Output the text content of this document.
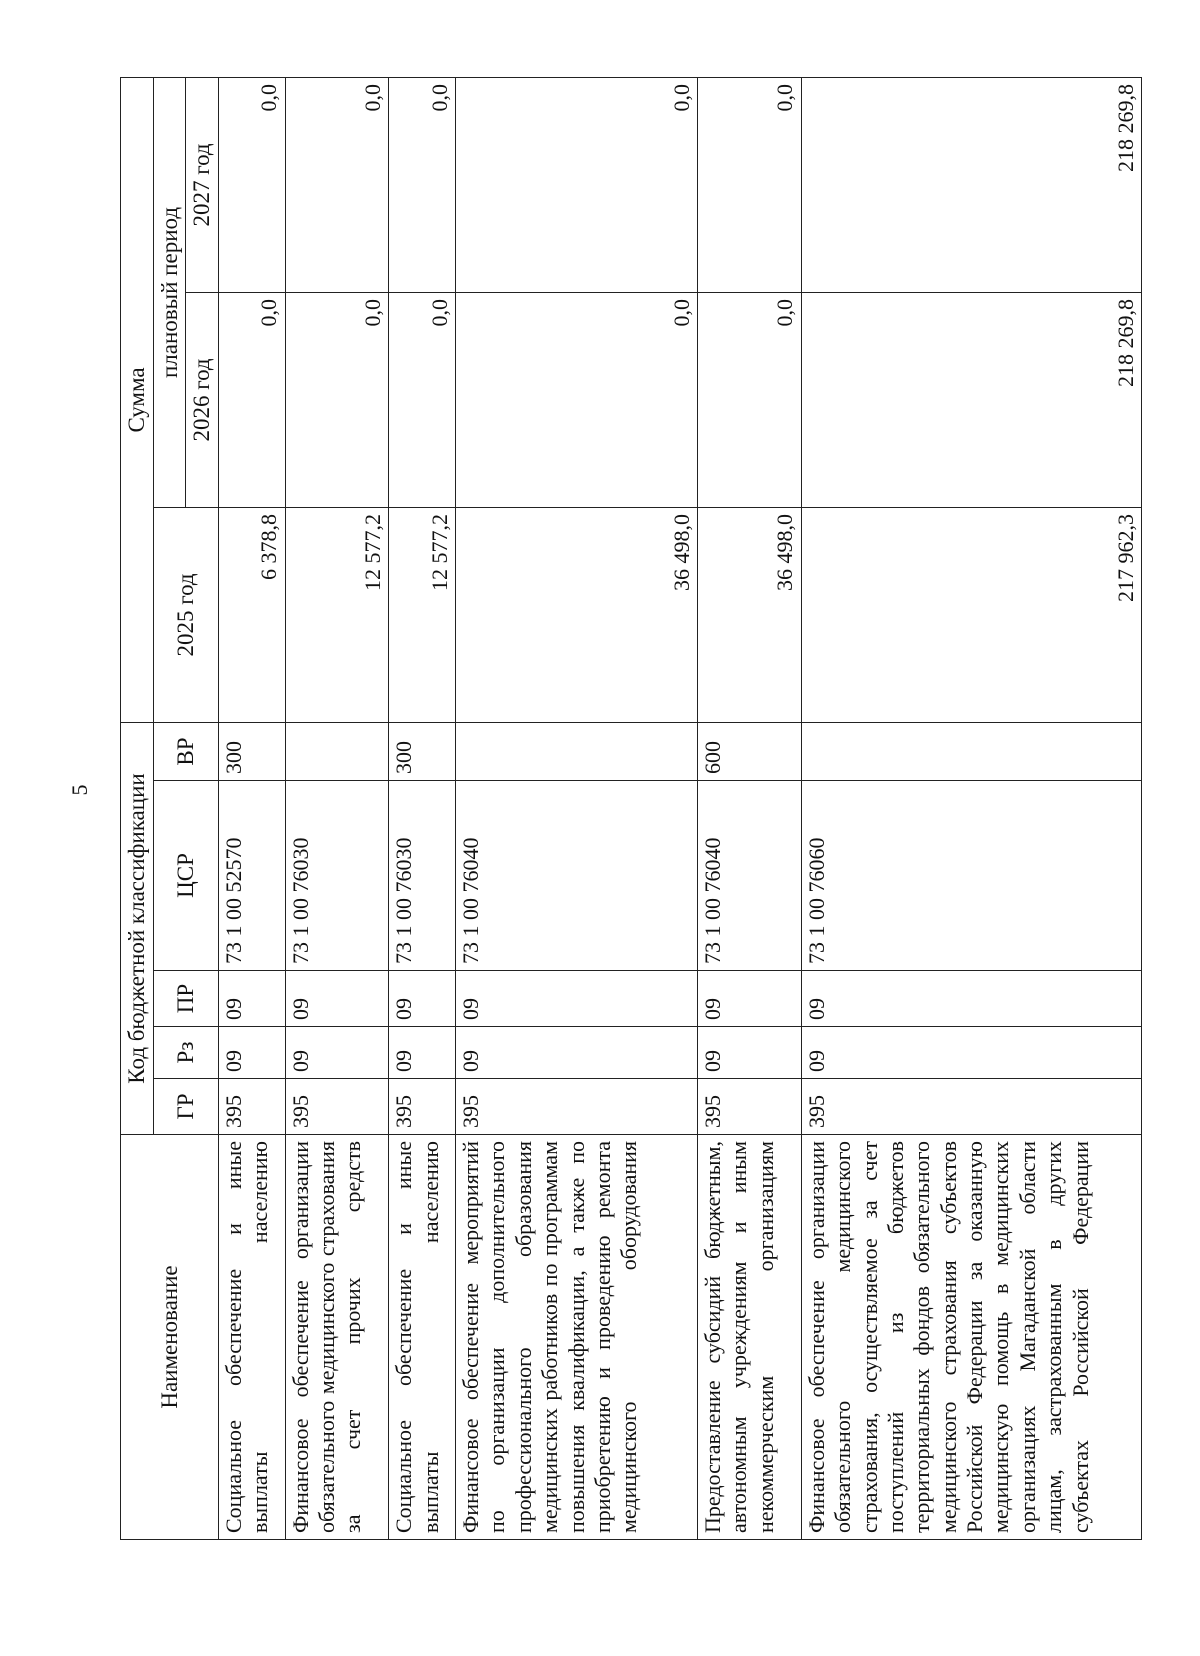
5
Наименование	Код бюджетной классификации					Сумма		
	ГР	Рз	ПР	ЦСР	ВР	2025 год	плановый период	
							2026 год	2027 год
Социальное обеспечение и иные выплаты населению	395	09	09	73 1 00 52570	300	6 378,8	0,0	0,0
Финансовое обеспечение организации обязательного медицинского страхования за счет прочих средств	395	09	09	73 1 00 76030		12 577,2	0,0	0,0
Социальное обеспечение и иные выплаты населению	395	09	09	73 1 00 76030	300	12 577,2	0,0	0,0
Финансовое обеспечение мероприятий по организации дополнительного профессионального образования медицинских работников по программам повышения квалификации, а также по приобретению и проведению ремонта медицинского оборудования	395	09	09	73 1 00 76040		36 498,0	0,0	0,0
Предоставление субсидий бюджетным, автономным учреждениям и иным некоммерческим организациям	395	09	09	73 1 00 76040	600	36 498,0	0,0	0,0
Финансовое обеспечение организации обязательного медицинского страхования, осуществляемое за счет поступлений из бюджетов территориальных фондов обязательного медицинского страхования субъектов Российской Федерации за оказанную медицинскую помощь в медицинских организациях Магаданской области лицам, застрахованным в других субъектах Российской Федерации	395	09	09	73 1 00 76060		217 962,3	218 269,8	218 269,8
